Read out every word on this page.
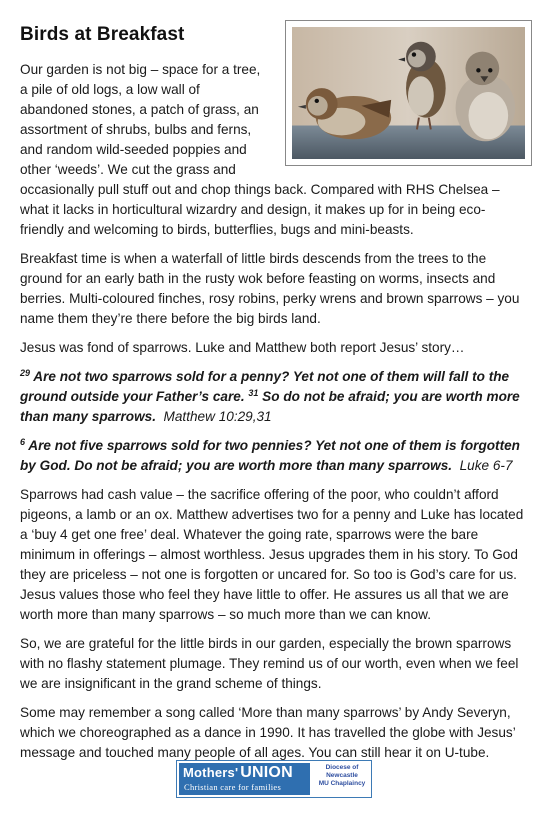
Birds at Breakfast

Our garden is not big – space for a tree, a pile of old logs, a low wall of abandoned stones, a patch of grass, an assortment of shrubs, bulbs and ferns, and random wild-seeded poppies and other ‘weeds’. We cut the grass and occasionally pull stuff out and chop things back. Compared with RHS Chelsea – what it lacks in horticultural wizardry and design, it makes up for in being eco-friendly and welcoming to birds, butterflies, bugs and mini-beasts.

Breakfast time is when a waterfall of little birds descends from the trees to the ground for an early bath in the rusty wok before feasting on worms, insects and berries. Multi-coloured finches, rosy robins, perky wrens and brown sparrows – you name them they’re there before the big birds land.

Jesus was fond of sparrows. Luke and Matthew both report Jesus’ story…

$^{29}$ Are not two sparrows sold for a penny? Yet not one of them will fall to the ground outside your Father’s care. $^{31}$ So do not be afraid; you are worth more than many sparrows. Matthew 10:29,31

$^6$ Are not five sparrows sold for two pennies? Yet not one of them is forgotten by God. Do not be afraid; you are worth more than many sparrows. Luke 6-7

Sparrows had cash value – the sacrifice offering of the poor, who couldn’t afford pigeons, a lamb or an ox. Matthew advertises two for a penny and Luke has located a ‘buy 4 get one free’ deal. Whatever the going rate, sparrows were the bare minimum in offerings – almost worthless. Jesus upgrades them in his story. To God they are priceless – not one is forgotten or uncared for. So too is God’s care for us. Jesus values those who feel they have little to offer. He assures us all that we are worth more than many sparrows – so much more than we can know.

So, we are grateful for the little birds in our garden, especially the brown sparrows with no flashy statement plumage. They remind us of our worth, even when we feel we are insignificant in the grand scheme of things.

Some may remember a song called ‘More than many sparrows’ by Andy Severyn, which we choreographed as a dance in 1990. It has travelled the globe with Jesus’ message and touched many people of all ages. You can still hear it on U-tube.

Mothers' UNION
Christian care for families
Diocese of
Newcastle
MU Chaplaincy
